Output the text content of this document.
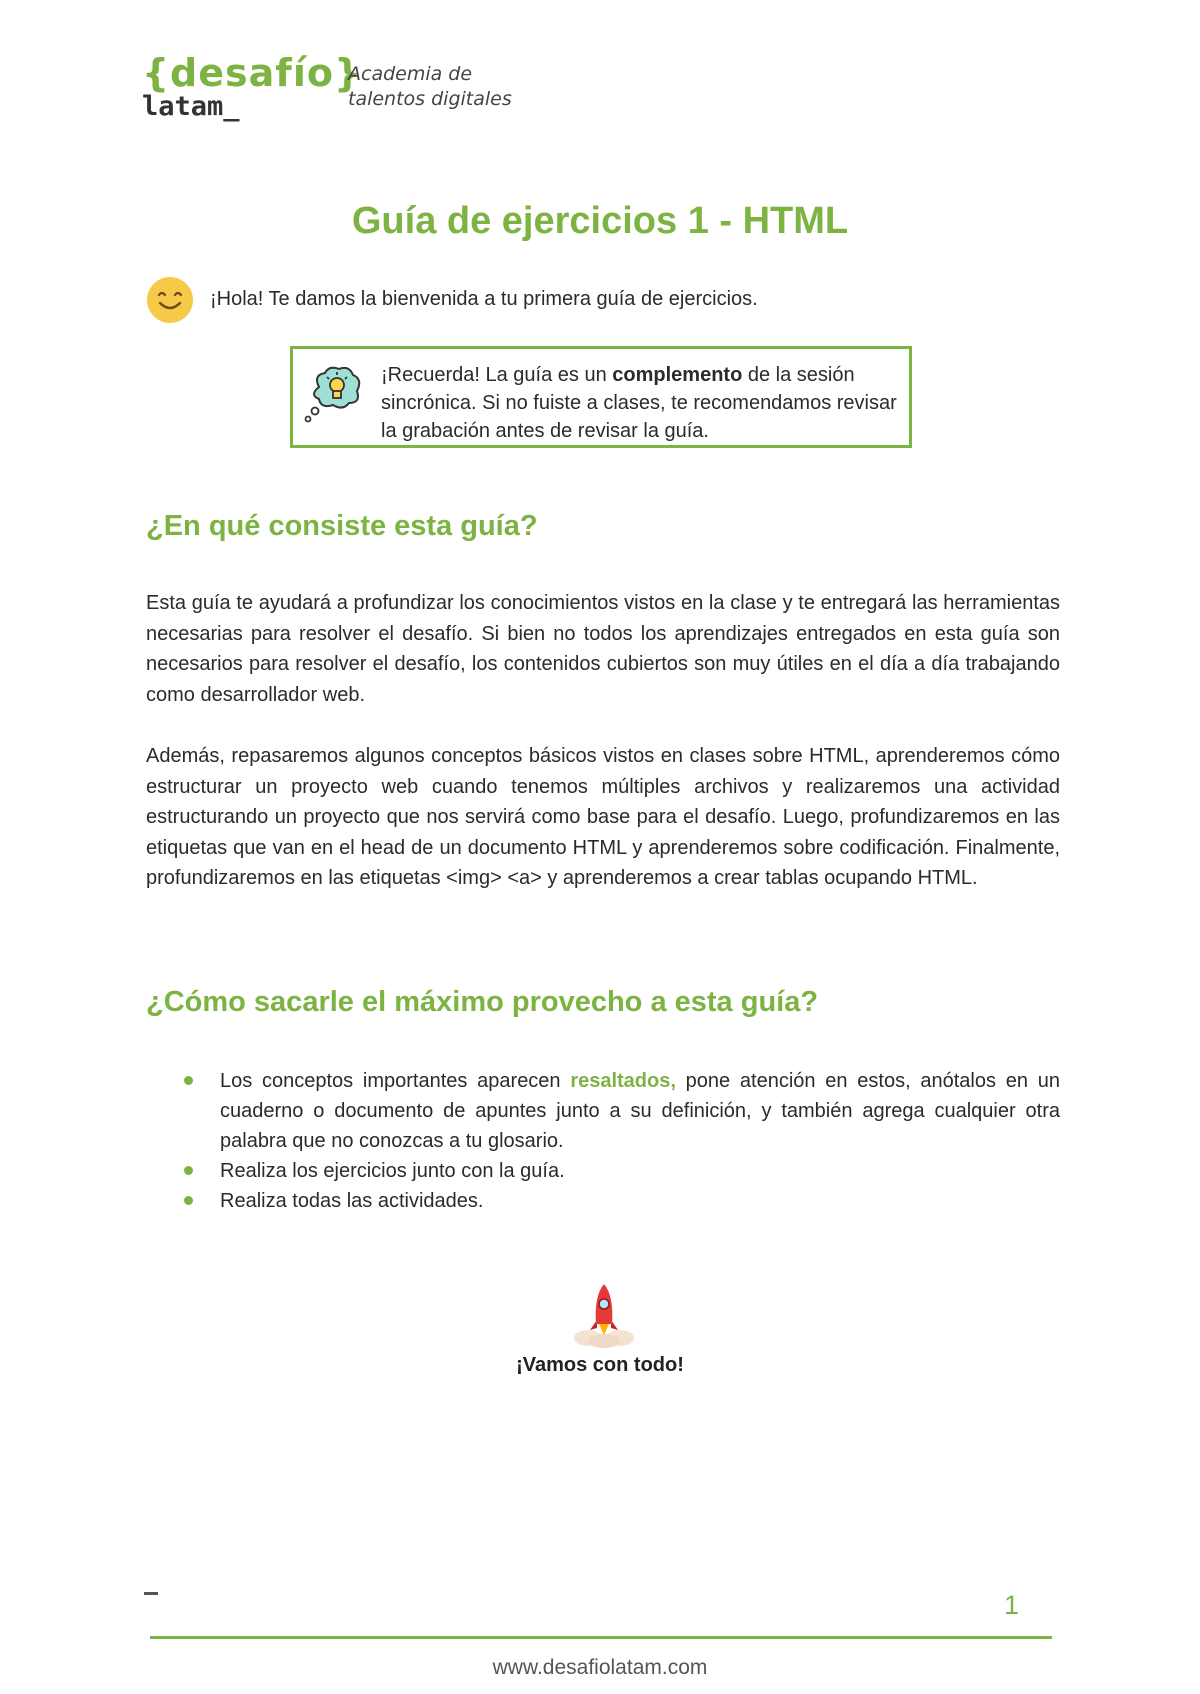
{desafío}
latam_
Academia de
talentos digitales
Guía de ejercicios 1 - HTML
¡Hola! Te damos la bienvenida a tu primera guía de ejercicios.
¡Recuerda! La guía es un complemento de la sesión sincrónica. Si no fuiste a clases, te recomendamos revisar la grabación antes de revisar la guía.
¿En qué consiste esta guía?

Esta guía te ayudará a profundizar los conocimientos vistos en la clase y te entregará las herramientas necesarias para resolver el desafío. Si bien no todos los aprendizajes entregados en esta guía son necesarios para resolver el desafío, los contenidos cubiertos son muy útiles en el día a día trabajando como desarrollador web.

Además, repasaremos algunos conceptos básicos vistos en clases sobre HTML, aprenderemos cómo estructurar un proyecto web cuando tenemos múltiples archivos y realizaremos una actividad estructurando un proyecto que nos servirá como base para el desafío. Luego, profundizaremos en las etiquetas que van en el head de un documento HTML y aprenderemos sobre codificación. Finalmente, profundizaremos en las etiquetas <img> <a> y aprenderemos a crear tablas ocupando HTML.

¿Cómo sacarle el máximo provecho a esta guía?
Los conceptos importantes aparecen resaltados, pone atención en estos, anótalos en un cuaderno o documento de apuntes junto a su definición, y también agrega cualquier otra palabra que no conozcas a tu glosario.
Realiza los ejercicios junto con la guía.
Realiza todas las actividades.
¡Vamos con todo!
1
www.desafiolatam.com
